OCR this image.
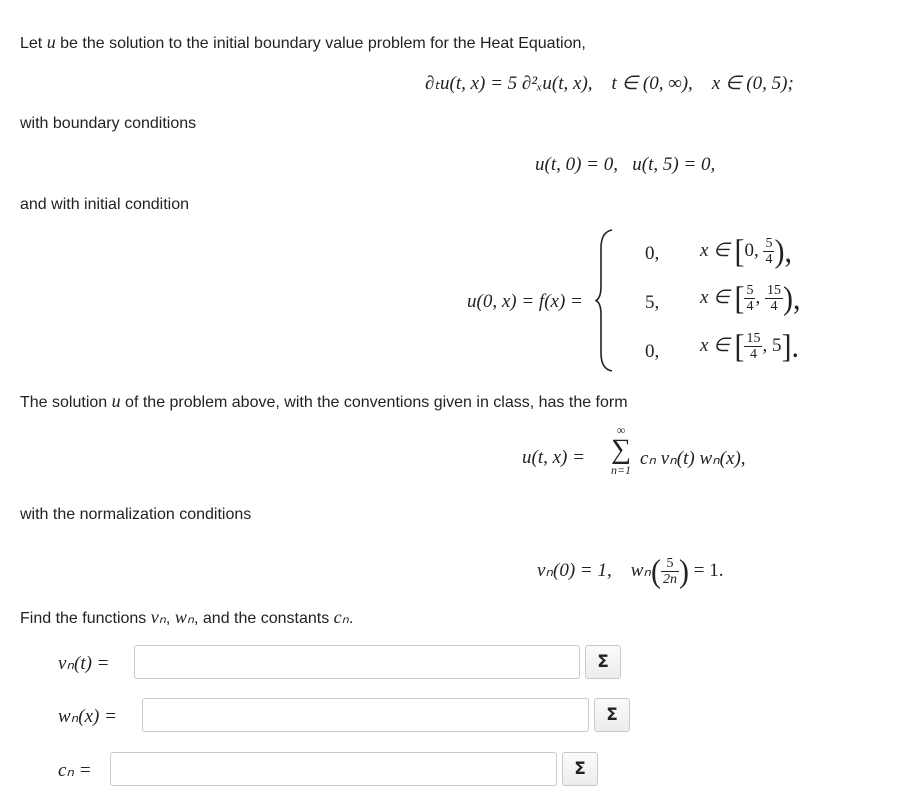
Let u be the solution to the initial boundary value problem for the Heat Equation,
∂ₜu(t, x) = 5 ∂²ₓu(t, x), t ∈ (0, ∞), x ∈ (0, 5);
with boundary conditions
u(t, 0) = 0, u(t, 5) = 0,
and with initial condition
u(0, x) = f(x) =
0, x ∈ [0, $\frac{5}{4}$ ),
5, x ∈ [ $\frac{5}{4}$ , $\frac{15}{4}$ ),
0, x ∈ [ $\frac{15}{4}$ , 5].
The solution u of the problem above, with the conventions given in class, has the form
u(t, x) =
∞
∑
n=1
cₙ vₙ(t) wₙ(x),
with the normalization conditions
vₙ(0) = 1, $w_n( \frac{5}{2n}$ ) = 1.
Find the functions vₙ, wₙ, and the constants cₙ.
vₙ(t) =	Σ
wₙ(x) =	Σ
cₙ =	Σ
